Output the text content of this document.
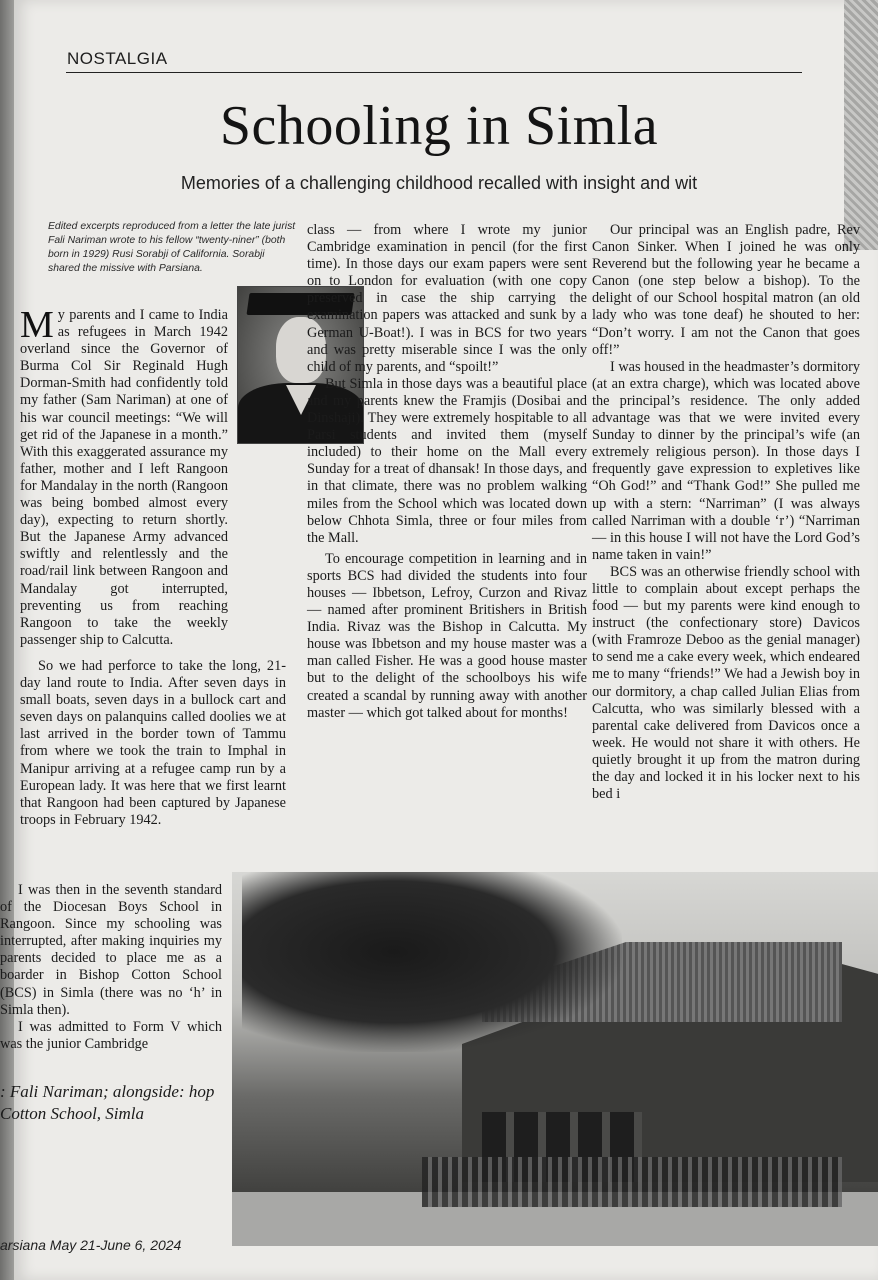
NOSTALGIA
Schooling in Simla
Memories of a challenging childhood recalled with insight and wit
Edited excerpts reproduced from a letter the late jurist Fali Nariman wrote to his fellow “twenty-niner” (both born in 1929) Rusi Sorabji of California. Sorabji shared the missive with Parsiana.

My parents and I came to India as refugees in March 1942 overland since the Governor of Burma Col Sir Reginald Hugh Dorman-Smith had confidently told my father (Sam Nariman) at one of his war council meetings: “We will get rid of the Japanese in a month.” With this exaggerated assurance my father, mother and I left Rangoon for Mandalay in the north (Rangoon was being bombed almost every day), expecting to return shortly. But the Japanese Army advanced swiftly and relentlessly and the road/rail link between Rangoon and Mandalay got interrupted, preventing us from reaching Rangoon to take the weekly passenger ship to Calcutta.

So we had perforce to take the long, 21-day land route to India. After seven days in small boats, seven days in a bullock cart and seven days on palanquins called doolies we at last arrived in the border town of Tammu from where we took the train to Imphal in Manipur arriving at a refugee camp run by a European lady. It was here that we first learnt that Rangoon had been captured by Japanese troops in February 1942.

I was then in the seventh standard of the Diocesan Boys School in Rangoon. Since my schooling was interrupted, after making inquiries my parents decided to place me as a boarder in Bishop Cotton School (BCS) in Simla (there was no ‘h’ in Simla then).

I was admitted to Form V which was the junior Cambridge

: Fali Nariman; alongside: hop Cotton School, Simla

class — from where I wrote my junior Cambridge examination in pencil (for the first time). In those days our exam papers were sent on to London for evaluation (with one copy preserved in case the ship carrying the examination papers was attacked and sunk by a German U-Boat!). I was in BCS for two years and was pretty miserable since I was the only child of my parents, and “spoilt!”

But Simla in those days was a beautiful place and my parents knew the Framjis (Dosibai and Dinshaji). They were extremely hospitable to all Parsi students and invited them (myself included) to their home on the Mall every Sunday for a treat of dhansak! In those days, and in that climate, there was no problem walking miles from the School which was located down below Chhota Simla, three or four miles from the Mall.

To encourage competition in learning and in sports BCS had divided the students into four houses — Ibbetson, Lefroy, Curzon and Rivaz — named after prominent Britishers in British India. Rivaz was the Bishop in Calcutta. My house was Ibbetson and my house master was a man called Fisher. He was a good house master but to the delight of the schoolboys his wife created a scandal by running away with another master — which got talked about for months!

Our principal was an English padre, Rev Canon Sinker. When I joined he was only Reverend but the following year he became a Canon (one step below a bishop). To the delight of our School hospital matron (an old lady who was tone deaf) he shouted to her: “Don’t worry. I am not the Canon that goes off!”

I was housed in the headmaster’s dormitory (at an extra charge), which was located above the principal’s residence. The only added advantage was that we were invited every Sunday to dinner by the principal’s wife (an extremely religious person). In those days I frequently gave expression to expletives like “Oh God!” and “Thank God!” She pulled me up with a stern: “Narriman” (I was always called Narriman with a double ‘r’) “Narriman — in this house I will not have the Lord God’s name taken in vain!”

BCS was an otherwise friendly school with little to complain about except perhaps the food — but my parents were kind enough to instruct (the confectionary store) Davicos (with Framroze Deboo as the genial manager) to send me a cake every week, which endeared me to many “friends!” We had a Jewish boy in our dormitory, a chap called Julian Elias from Calcutta, who was similarly blessed with a parental cake delivered from Davicos once a week. He would not share it with others. He quietly brought it up from the matron during the day and locked it in his locker next to his bed i

arsiana May 21-June 6, 2024
